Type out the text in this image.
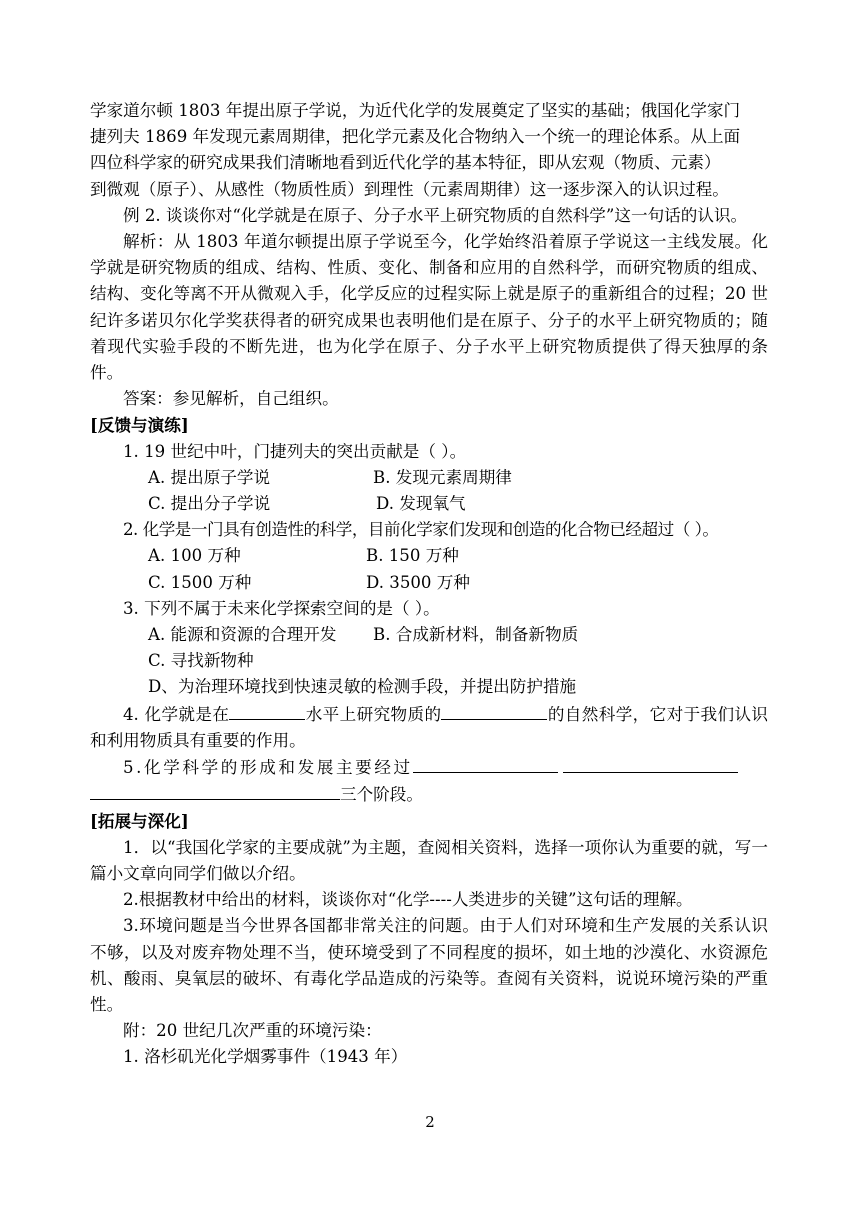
学家道尔顿 1803 年提出原子学说，为近代化学的发展奠定了坚实的基础；俄国化学家门

捷列夫 1869 年发现元素周期律，把化学元素及化合物纳入一个统一的理论体系。从上面

四位科学家的研究成果我们清晰地看到近代化学的基本特征，即从宏观（物质、元素）

到微观（原子）、从感性（物质性质）到理性（元素周期律）这一逐步深入的认识过程。

例 2. 谈谈你对“化学就是在原子、分子水平上研究物质的自然科学”这一句话的认识。

解析：从 1803 年道尔顿提出原子学说至今，化学始终沿着原子学说这一主线发展。化学就是研究物质的组成、结构、性质、变化、制备和应用的自然科学，而研究物质的组成、结构、变化等离不开从微观入手，化学反应的过程实际上就是原子的重新组合的过程；20 世纪许多诺贝尔化学奖获得者的研究成果也表明他们是在原子、分子的水平上研究物质的；随着现代实验手段的不断先进，也为化学在原子、分子水平上研究物质提供了得天独厚的条件。

答案：参见解析，自己组织。

[反馈与演练]

1. 19 世纪中叶，门捷列夫的突出贡献是（ ）。

A. 提出原子学说	B. 发现元素周期律
C. 提出分子学说	D. 发现氧气

2. 化学是一门具有创造性的科学，目前化学家们发现和创造的化合物已经超过（ ）。

A. 100 万种	B. 150 万种
C. 1500 万种	D. 3500 万种

3. 下列不属于未来化学探索空间的是（ ）。

A. 能源和资源的合理开发	B. 合成新材料，制备新物质
C. 寻找新物种
D、为治理环境找到快速灵敏的检测手段，并提出防护措施

4. 化学就是在	水平上研究物质的	的自然科学，它对于我们认识和利用物质具有重要的作用。

5.化学科学的形成和发展主要经过

三个阶段。

[拓展与深化]

1．以“我国化学家的主要成就”为主题，查阅相关资料，选择一项你认为重要的就，写一篇小文章向同学们做以介绍。

2.根据教材中给出的材料，谈谈你对“化学----人类进步的关键”这句话的理解。

3.环境问题是当今世界各国都非常关注的问题。由于人们对环境和生产发展的关系认识不够，以及对废弃物处理不当，使环境受到了不同程度的损坏，如土地的沙漠化、水资源危机、酸雨、臭氧层的破坏、有毒化学品造成的污染等。查阅有关资料，说说环境污染的严重性。

附：20 世纪几次严重的环境污染：

1. 洛杉矶光化学烟雾事件（1943 年）

2
